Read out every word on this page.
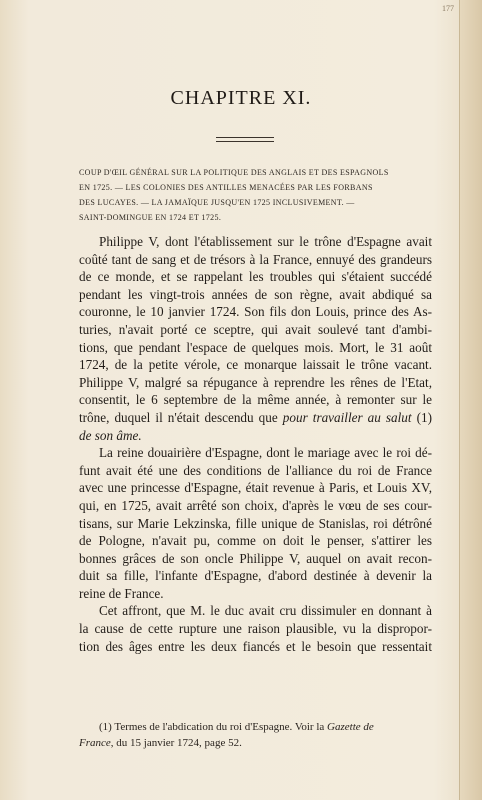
177
CHAPITRE XI.
COUP D'ŒIL GÉNÉRAL SUR LA POLITIQUE DES ANGLAIS ET DES ESPAGNOLS
EN 1725. — LES COLONIES DES ANTILLES MENACÉES PAR LES FORBANS
DES LUCAYES. — LA JAMAÏQUE JUSQU'EN 1725 INCLUSIVEMENT. —
SAINT-DOMINGUE EN 1724 ET 1725.
Philippe V, dont l'établissement sur le trône d'Espagne avait
coûté tant de sang et de trésors à la France, ennuyé des grandeurs
de ce monde, et se rappelant les troubles qui s'étaient succédé
pendant les vingt-trois années de son règne, avait abdiqué sa
couronne, le 10 janvier 1724. Son fils don Louis, prince des As-
turies, n'avait porté ce sceptre, qui avait soulevé tant d'ambi-
tions, que pendant l'espace de quelques mois. Mort, le 31 août
1724, de la petite vérole, ce monarque laissait le trône vacant.
Philippe V, malgré sa répugance à reprendre les rênes de l'Etat,
consentit, le 6 septembre de la même année, à remonter sur le
trône, duquel il n'était descendu que pour travailler au salut (1)
de son âme.
La reine douairière d'Espagne, dont le mariage avec le roi dé-
funt avait été une des conditions de l'alliance du roi de France
avec une princesse d'Espagne, était revenue à Paris, et Louis XV,
qui, en 1725, avait arrêté son choix, d'après le vœu de ses cour-
tisans, sur Marie Lekzinska, fille unique de Stanislas, roi détrôné
de Pologne, n'avait pu, comme on doit le penser, s'attirer les
bonnes grâces de son oncle Philippe V, auquel on avait recon-
duit sa fille, l'infante d'Espagne, d'abord destinée à devenir la
reine de France.
Cet affront, que M. le duc avait cru dissimuler en donnant à
la cause de cette rupture une raison plausible, vu la dispropor-
tion des âges entre les deux fiancés et le besoin que ressentait
(1) Termes de l'abdication du roi d'Espagne. Voir la Gazette de
France, du 15 janvier 1724, page 52.
